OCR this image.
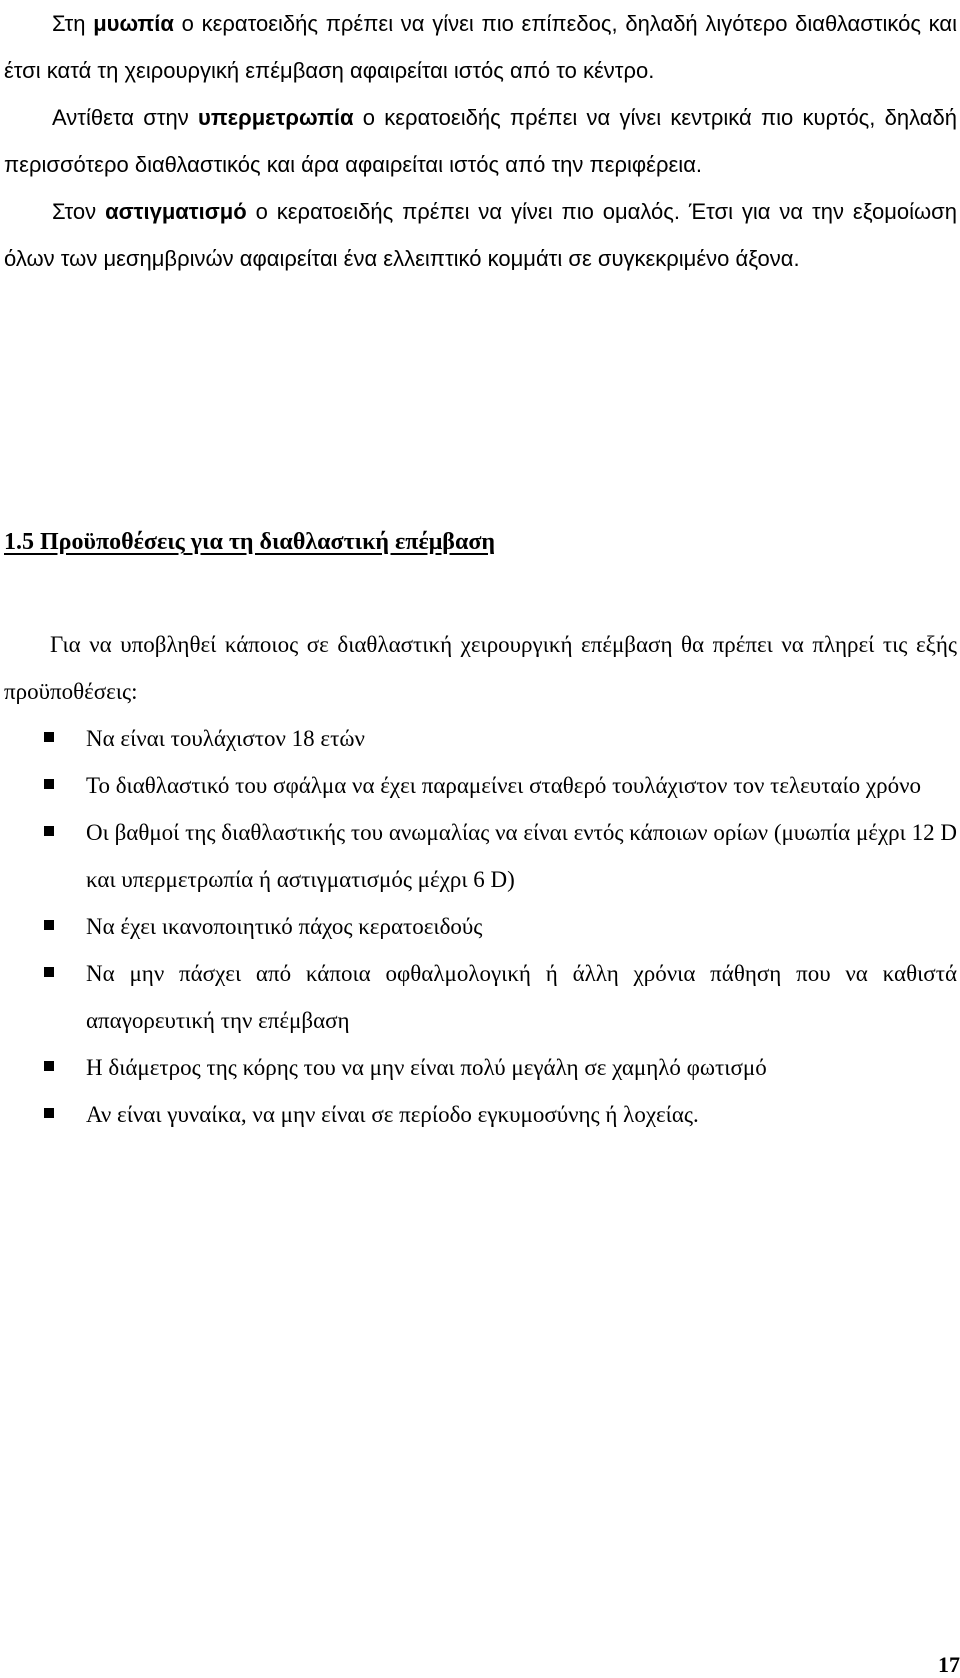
Στη μυωπία ο κερατοειδής πρέπει να γίνει πιο επίπεδος, δηλαδή λιγότερο διαθλαστικός και έτσι κατά τη χειρουργική επέμβαση αφαιρείται ιστός από το κέντρο.

Αντίθετα στην υπερμετρωπία ο κερατοειδής πρέπει να γίνει κεντρικά πιο κυρτός, δηλαδή περισσότερο διαθλαστικός και άρα αφαιρείται ιστός από την περιφέρεια.

Στον αστιγματισμό ο κερατοειδής πρέπει να γίνει πιο ομαλός. Έτσι για να την εξομοίωση όλων των μεσημβρινών αφαιρείται ένα ελλειπτικό κομμάτι σε συγκεκριμένο άξονα.

1.5 Προϋποθέσεις για τη διαθλαστική επέμβαση

Για να υποβληθεί κάποιος σε διαθλαστική χειρουργική επέμβαση θα πρέπει να πληρεί τις εξής προϋποθέσεις:

Να είναι τουλάχιστον 18 ετών
Το διαθλαστικό του σφάλμα να έχει παραμείνει σταθερό τουλάχιστον τον τελευταίο χρόνο
Οι βαθμοί της διαθλαστικής του ανωμαλίας να είναι εντός κάποιων ορίων (μυωπία μέχρι 12 D και υπερμετρωπία ή αστιγματισμός μέχρι 6 D)
Να έχει ικανοποιητικό πάχος κερατοειδούς
Να μην πάσχει από κάποια οφθαλμολογική ή άλλη χρόνια πάθηση που να καθιστά απαγορευτική την επέμβαση
Η διάμετρος της κόρης του να μην είναι πολύ μεγάλη σε χαμηλό φωτισμό
Αν είναι γυναίκα, να μην είναι σε περίοδο εγκυμοσύνης ή λοχείας.
17
